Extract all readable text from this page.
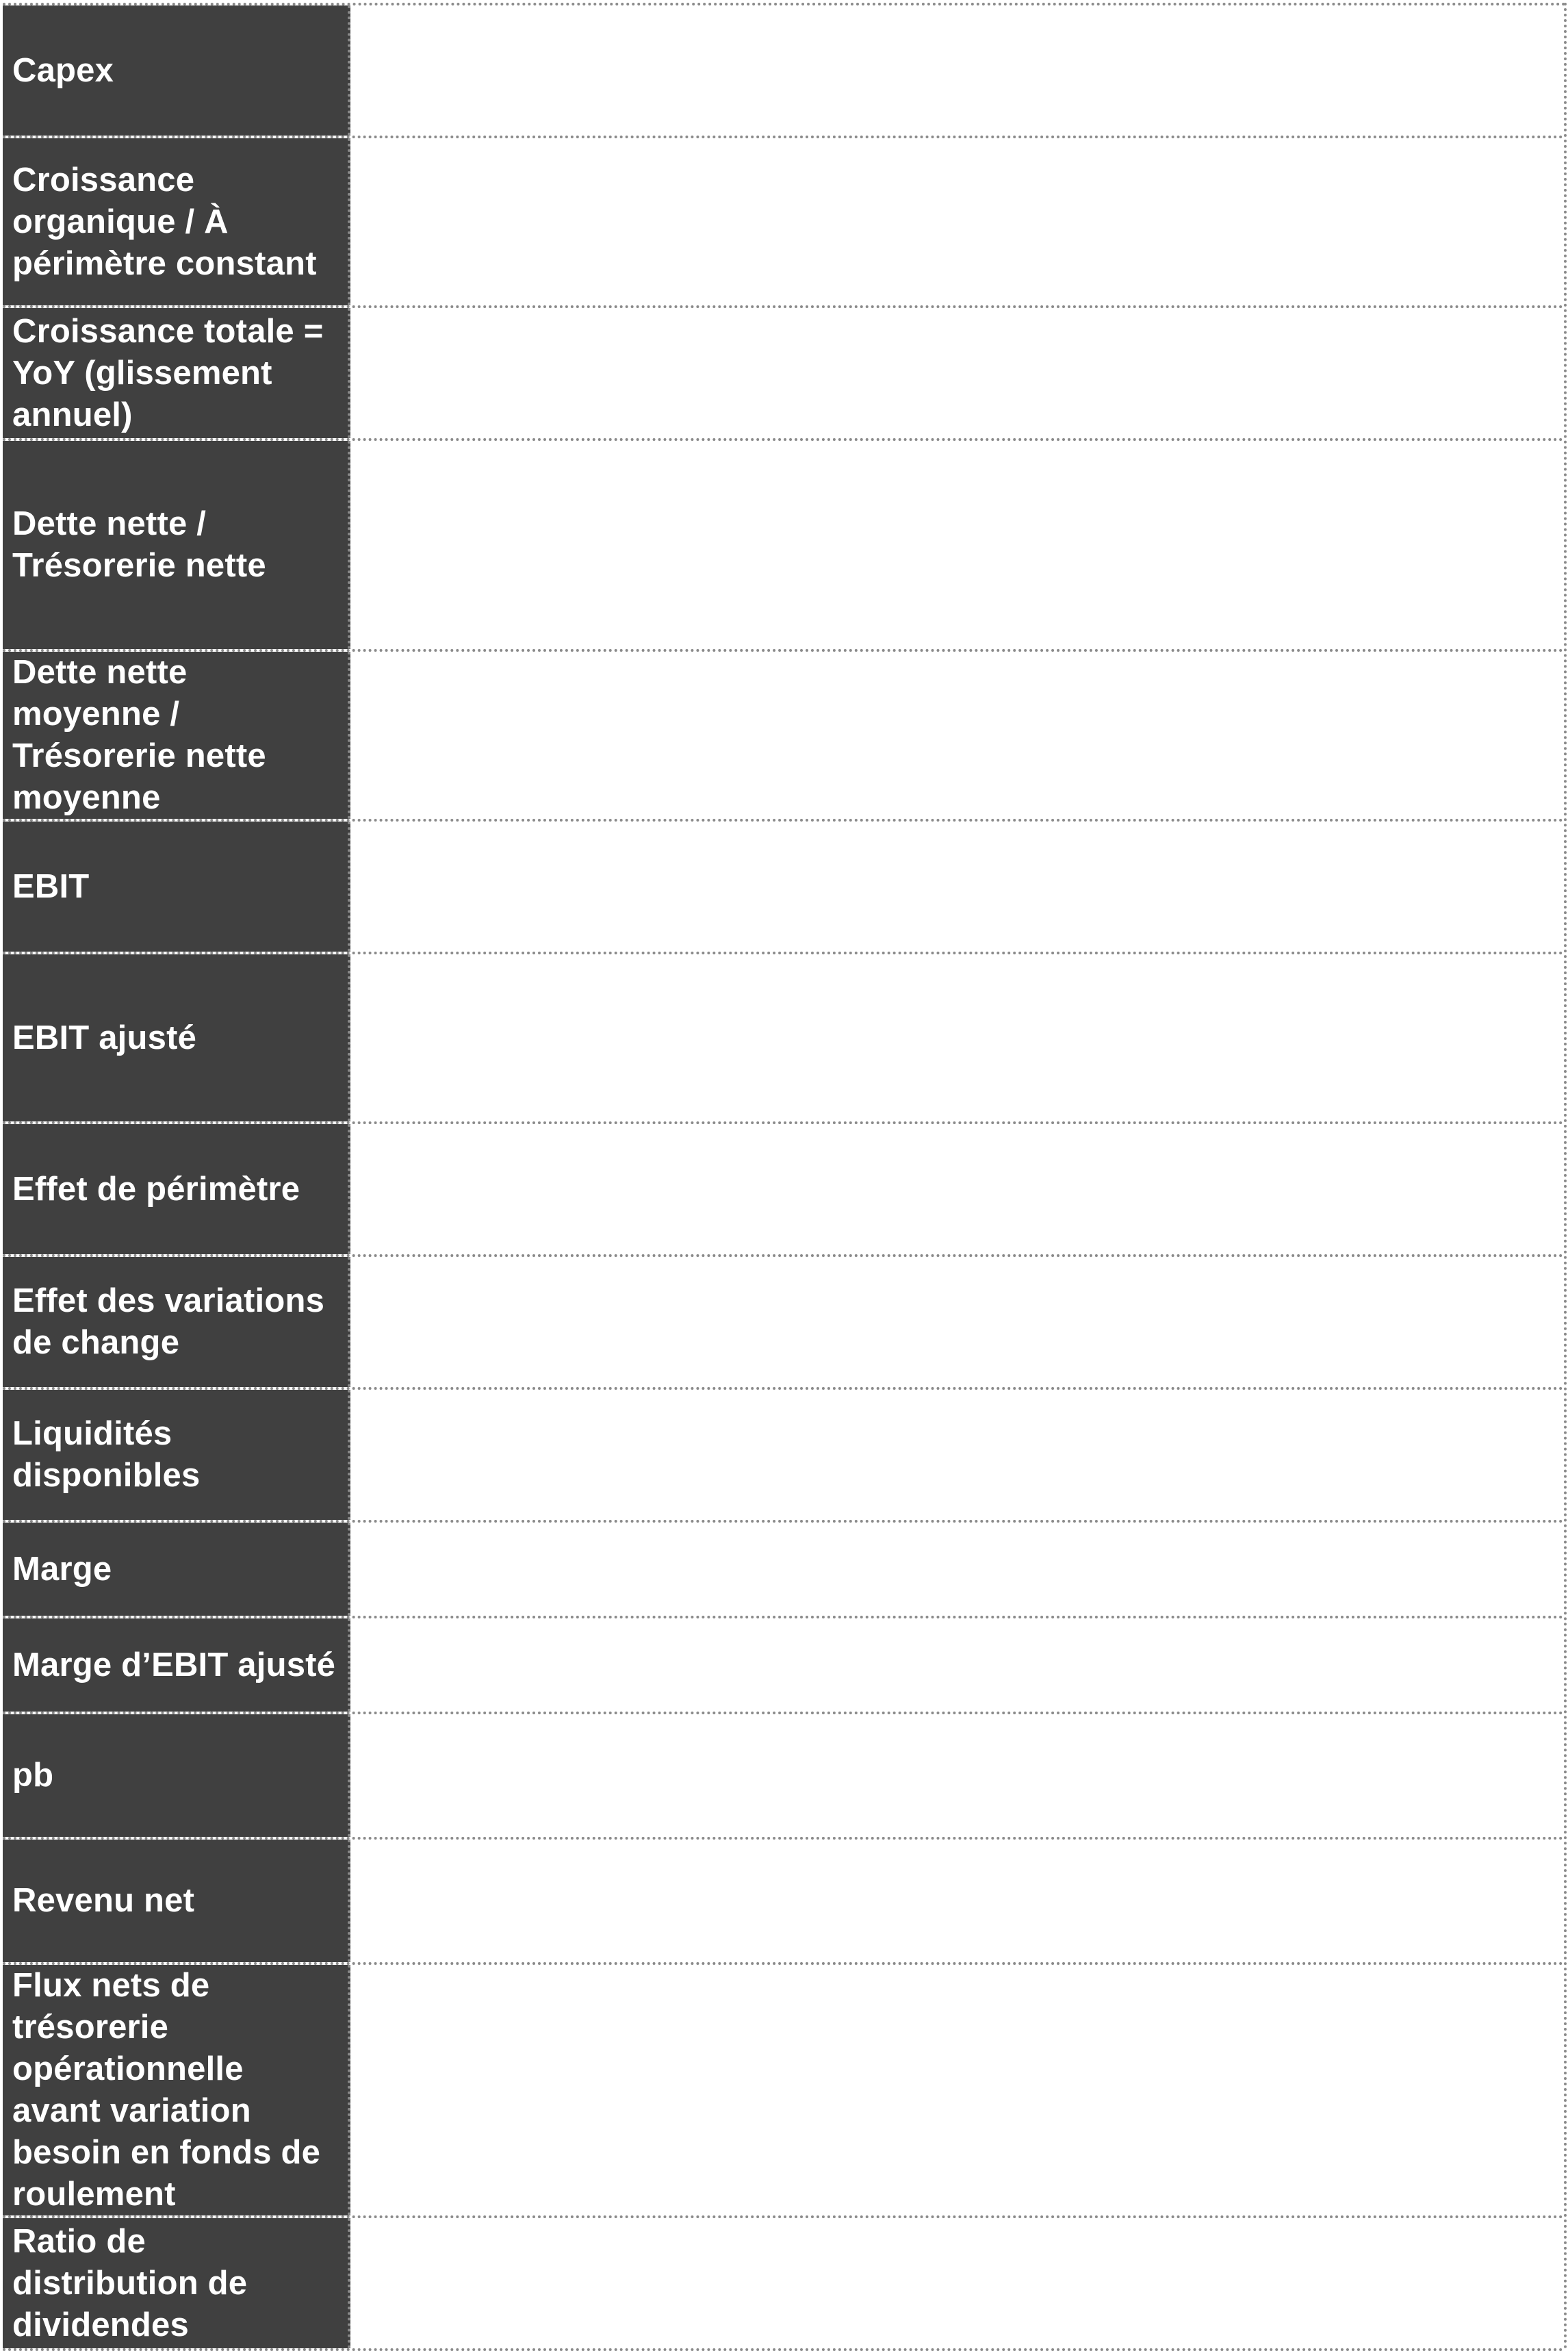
Capex
Croissance organique / À périmètre constant
Croissance totale = YoY (glissement annuel)
Dette nette / Trésorerie nette
Dette nette moyenne / Trésorerie nette moyenne
EBIT
EBIT ajusté
Effet de périmètre
Effet des variations de change
Liquidités disponibles
Marge
Marge d’EBIT ajusté
pb
Revenu net
Flux nets de trésorerie opérationnelle avant variation besoin en fonds de roulement
Ratio de distribution de dividendes
